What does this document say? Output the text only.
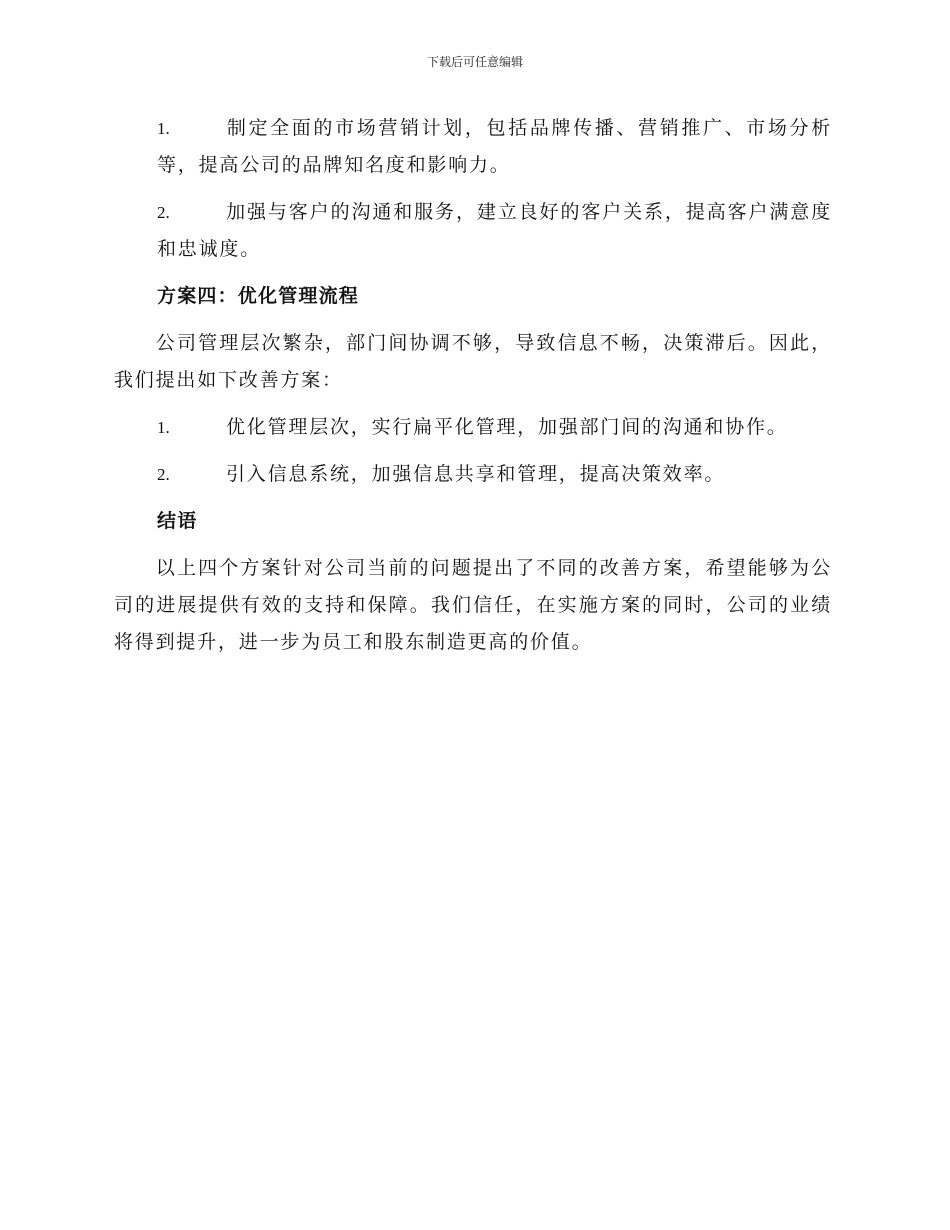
下载后可任意编辑
1.	制定全面的市场营销计划，包括品牌传播、营销推广、市场分析等，提高公司的品牌知名度和影响力。
2.	加强与客户的沟通和服务，建立良好的客户关系，提高客户满意度和忠诚度。
方案四：优化管理流程
公司管理层次繁杂，部门间协调不够，导致信息不畅，决策滞后。因此，我们提出如下改善方案：
1.	优化管理层次，实行扁平化管理，加强部门间的沟通和协作。
2.	引入信息系统，加强信息共享和管理，提高决策效率。
结语
以上四个方案针对公司当前的问题提出了不同的改善方案，希望能够为公司的进展提供有效的支持和保障。我们信任，在实施方案的同时，公司的业绩将得到提升，进一步为员工和股东制造更高的价值。
